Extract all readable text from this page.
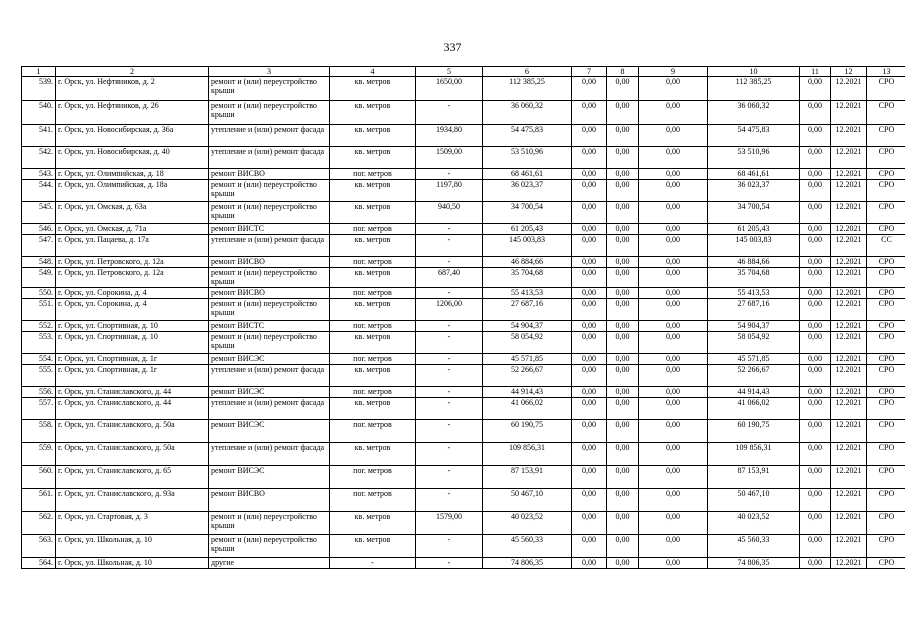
337
1	2	3	4	5	6	7	8	9	10	11	12	13
539.	г. Орск, ул. Нефтяников, д. 2	ремонт и (или) переустройство крыши	кв. метров	1650,00	112 385,25	0,00	0,00	0,00	112 385,25	0,00	12.2021	СРО
540.	г. Орск, ул. Нефтяников, д. 26	ремонт и (или) переустройство крыши	кв. метров	-	36 060,32	0,00	0,00	0,00	36 060,32	0,00	12.2021	СРО
541.	г. Орск, ул. Новосибирская, д. 36а	утепление и (или) ремонт фасада	кв. метров	1934,80	54 475,83	0,00	0,00	0,00	54 475,83	0,00	12.2021	СРО
542.	г. Орск, ул. Новосибирская, д. 40	утепление и (или) ремонт фасада	кв. метров	1509,00	53 510,96	0,00	0,00	0,00	53 510,96	0,00	12.2021	СРО
543.	г. Орск, ул. Олимпийская, д. 18	ремонт ВИСВО	пог. метров	-	68 461,61	0,00	0,00	0,00	68 461,61	0,00	12.2021	СРО
544.	г. Орск, ул. Олимпийская, д. 18а	ремонт и (или) переустройство крыши	кв. метров	1197,80	36 023,37	0,00	0,00	0,00	36 023,37	0,00	12.2021	СРО
545.	г. Орск, ул. Омская, д. 63а	ремонт и (или) переустройство крыши	кв. метров	940,50	34 700,54	0,00	0,00	0,00	34 700,54	0,00	12.2021	СРО
546.	г. Орск, ул. Омская, д. 71а	ремонт ВИСТС	пог. метров	-	61 205,43	0,00	0,00	0,00	61 205,43	0,00	12.2021	СРО
547.	г. Орск, ул. Пацаева, д. 17а	утепление и (или) ремонт фасада	кв. метров	-	145 003,83	0,00	0,00	0,00	145 003,83	0,00	12.2021	СС
548.	г. Орск, ул. Петровского, д. 12а	ремонт ВИСВО	пог. метров	-	46 884,66	0,00	0,00	0,00	46 884,66	0,00	12.2021	СРО
549.	г. Орск, ул. Петровского, д. 12а	ремонт и (или) переустройство крыши	кв. метров	687,40	35 704,68	0,00	0,00	0,00	35 704,68	0,00	12.2021	СРО
550.	г. Орск, ул. Сорокина, д. 4	ремонт ВИСВО	пог. метров	-	55 413,53	0,00	0,00	0,00	55 413,53	0,00	12.2021	СРО
551.	г. Орск, ул. Сорокина, д. 4	ремонт и (или) переустройство крыши	кв. метров	1206,00	27 687,16	0,00	0,00	0,00	27 687,16	0,00	12.2021	СРО
552.	г. Орск, ул. Спортивная, д. 10	ремонт ВИСТС	пог. метров	-	54 904,37	0,00	0,00	0,00	54 904,37	0,00	12.2021	СРО
553.	г. Орск, ул. Спортивная, д. 10	ремонт и (или) переустройство крыши	кв. метров	-	58 054,92	0,00	0,00	0,00	58 054,92	0,00	12.2021	СРО
554.	г. Орск, ул. Спортивная, д. 1г	ремонт ВИСЭС	пог. метров	-	45 571,85	0,00	0,00	0,00	45 571,85	0,00	12.2021	СРО
555.	г. Орск, ул. Спортивная, д. 1г	утепление и (или) ремонт фасада	кв. метров	-	52 266,67	0,00	0,00	0,00	52 266,67	0,00	12.2021	СРО
556.	г. Орск, ул. Станиславского, д. 44	ремонт ВИСЭС	пог. метров	-	44 914,43	0,00	0,00	0,00	44 914,43	0,00	12.2021	СРО
557.	г. Орск, ул. Станиславского, д. 44	утепление и (или) ремонт фасада	кв. метров	-	41 066,02	0,00	0,00	0,00	41 066,02	0,00	12.2021	СРО
558.	г. Орск, ул. Станиславского, д. 50а	ремонт ВИСЭС	пог. метров	-	60 190,75	0,00	0,00	0,00	60 190,75	0,00	12.2021	СРО
559.	г. Орск, ул. Станиславского, д. 50а	утепление и (или) ремонт фасада	кв. метров	-	109 856,31	0,00	0,00	0,00	109 856,31	0,00	12.2021	СРО
560.	г. Орск, ул. Станиславского, д. 65	ремонт ВИСЭС	пог. метров	-	87 153,91	0,00	0,00	0,00	87 153,91	0,00	12.2021	СРО
561.	г. Орск, ул. Станиславского, д. 93а	ремонт ВИСВО	пог. метров	-	50 467,10	0,00	0,00	0,00	50 467,10	0,00	12.2021	СРО
562.	г. Орск, ул. Стартовая, д. 3	ремонт и (или) переустройство крыши	кв. метров	1579,00	40 023,52	0,00	0,00	0,00	40 023,52	0,00	12.2021	СРО
563.	г. Орск, ул. Школьная, д. 10	ремонт и (или) переустройство крыши	кв. метров	-	45 560,33	0,00	0,00	0,00	45 560,33	0,00	12.2021	СРО
564.	г. Орск, ул. Школьная, д. 10	другие	-	-	74 806,35	0,00	0,00	0,00	74 806,35	0,00	12.2021	СРО
